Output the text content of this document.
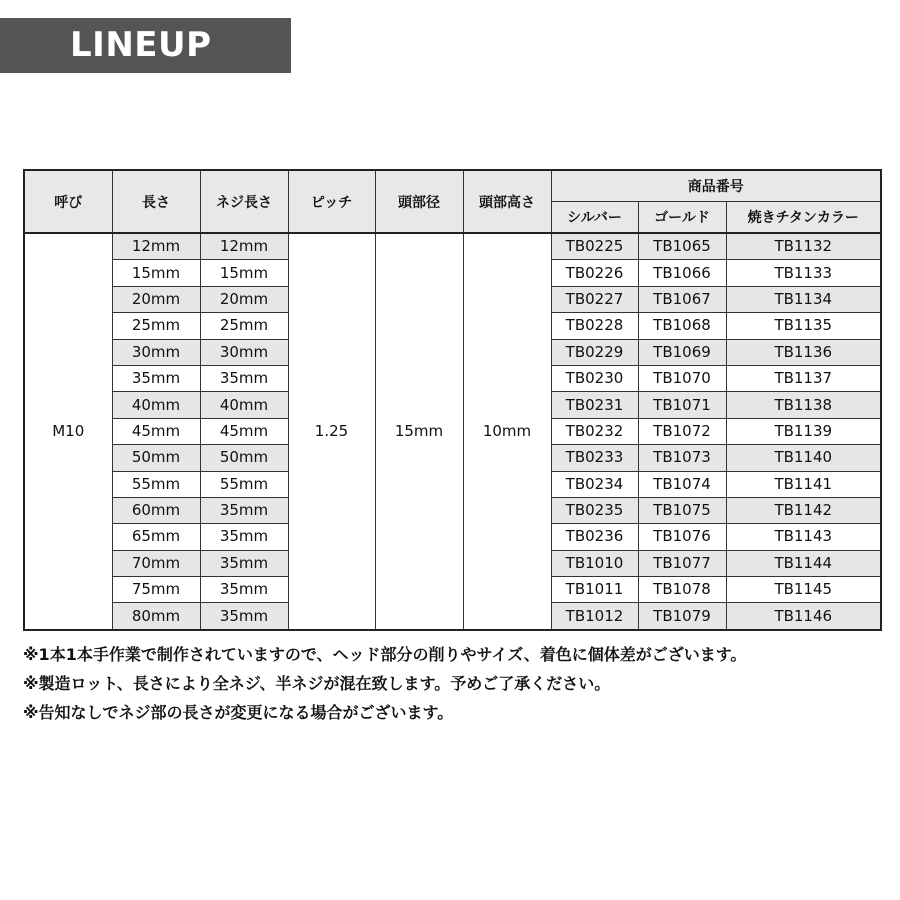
LINEUP
呼び	長さ	ネジ長さ	ピッチ	頭部径	頭部高さ	商品番号		
						シルバー	ゴールド	焼きチタンカラー
M10	12mm	12mm	1.25	15mm	10mm	TB0225	TB1065	TB1132
	15mm	15mm				TB0226	TB1066	TB1133
	20mm	20mm				TB0227	TB1067	TB1134
	25mm	25mm				TB0228	TB1068	TB1135
	30mm	30mm				TB0229	TB1069	TB1136
	35mm	35mm				TB0230	TB1070	TB1137
	40mm	40mm				TB0231	TB1071	TB1138
	45mm	45mm				TB0232	TB1072	TB1139
	50mm	50mm				TB0233	TB1073	TB1140
	55mm	55mm				TB0234	TB1074	TB1141
	60mm	35mm				TB0235	TB1075	TB1142
	65mm	35mm				TB0236	TB1076	TB1143
	70mm	35mm				TB1010	TB1077	TB1144
	75mm	35mm				TB1011	TB1078	TB1145
	80mm	35mm				TB1012	TB1079	TB1146
※1本1本手作業で制作されていますので、ヘッド部分の削りやサイズ、着色に個体差がございます。
※製造ロット、長さにより全ネジ、半ネジが混在致します。予めご了承ください。
※告知なしでネジ部の長さが変更になる場合がございます。
